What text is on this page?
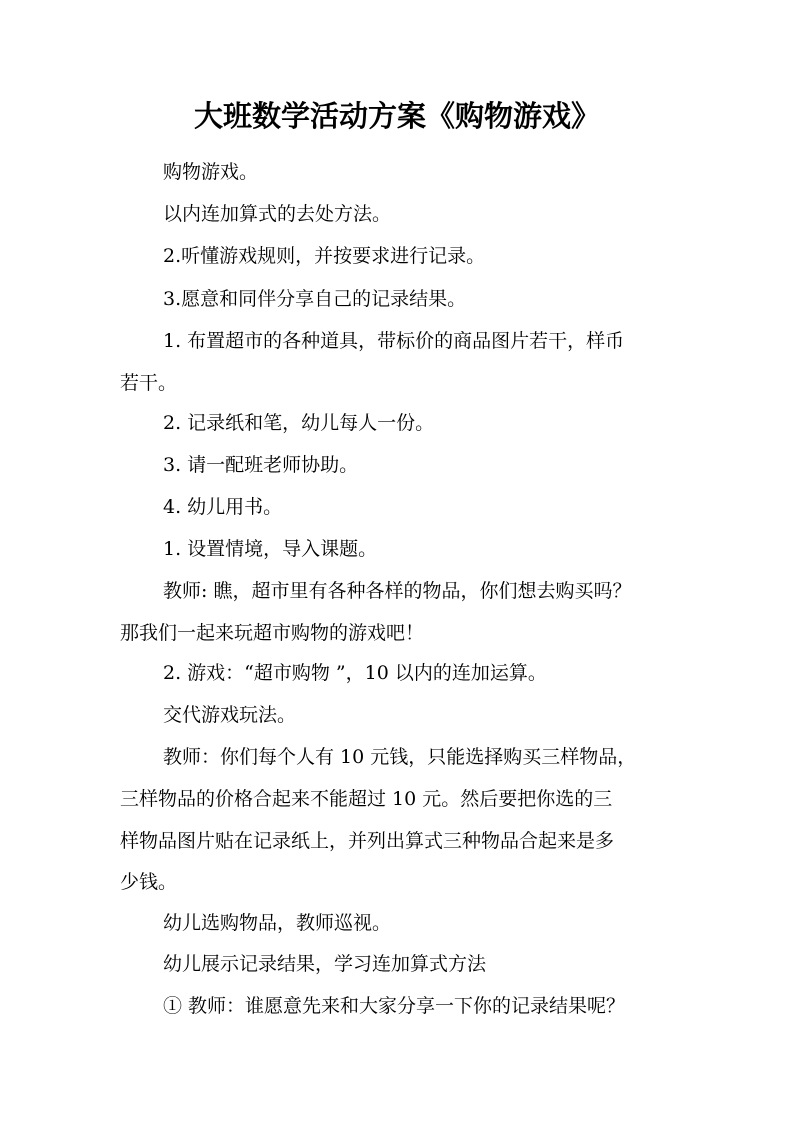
大班数学活动方案《购物游戏》
购物游戏。
以内连加算式的去处方法。
2.听懂游戏规则，并按要求进行记录。
3.愿意和同伴分享自己的记录结果。
1. 布置超市的各种道具，带标价的商品图片若干，样币
若干。
2. 记录纸和笔，幼儿每人一份。
3. 请一配班老师协助。
4. 幼儿用书。
1. 设置情境，导入课题。
教师: 瞧，超市里有各种各样的物品，你们想去购买吗？
那我们一起来玩超市购物的游戏吧！
2. 游戏：“超市购物 ”，10 以内的连加运算。
交代游戏玩法。
教师：你们每个人有 10 元钱，只能选择购买三样物品，
三样物品的价格合起来不能超过 10 元。然后要把你选的三
样物品图片贴在记录纸上，并列出算式三种物品合起来是多
少钱。
幼儿选购物品，教师巡视。
幼儿展示记录结果，学习连加算式方法
① 教师：谁愿意先来和大家分享一下你的记录结果呢？
